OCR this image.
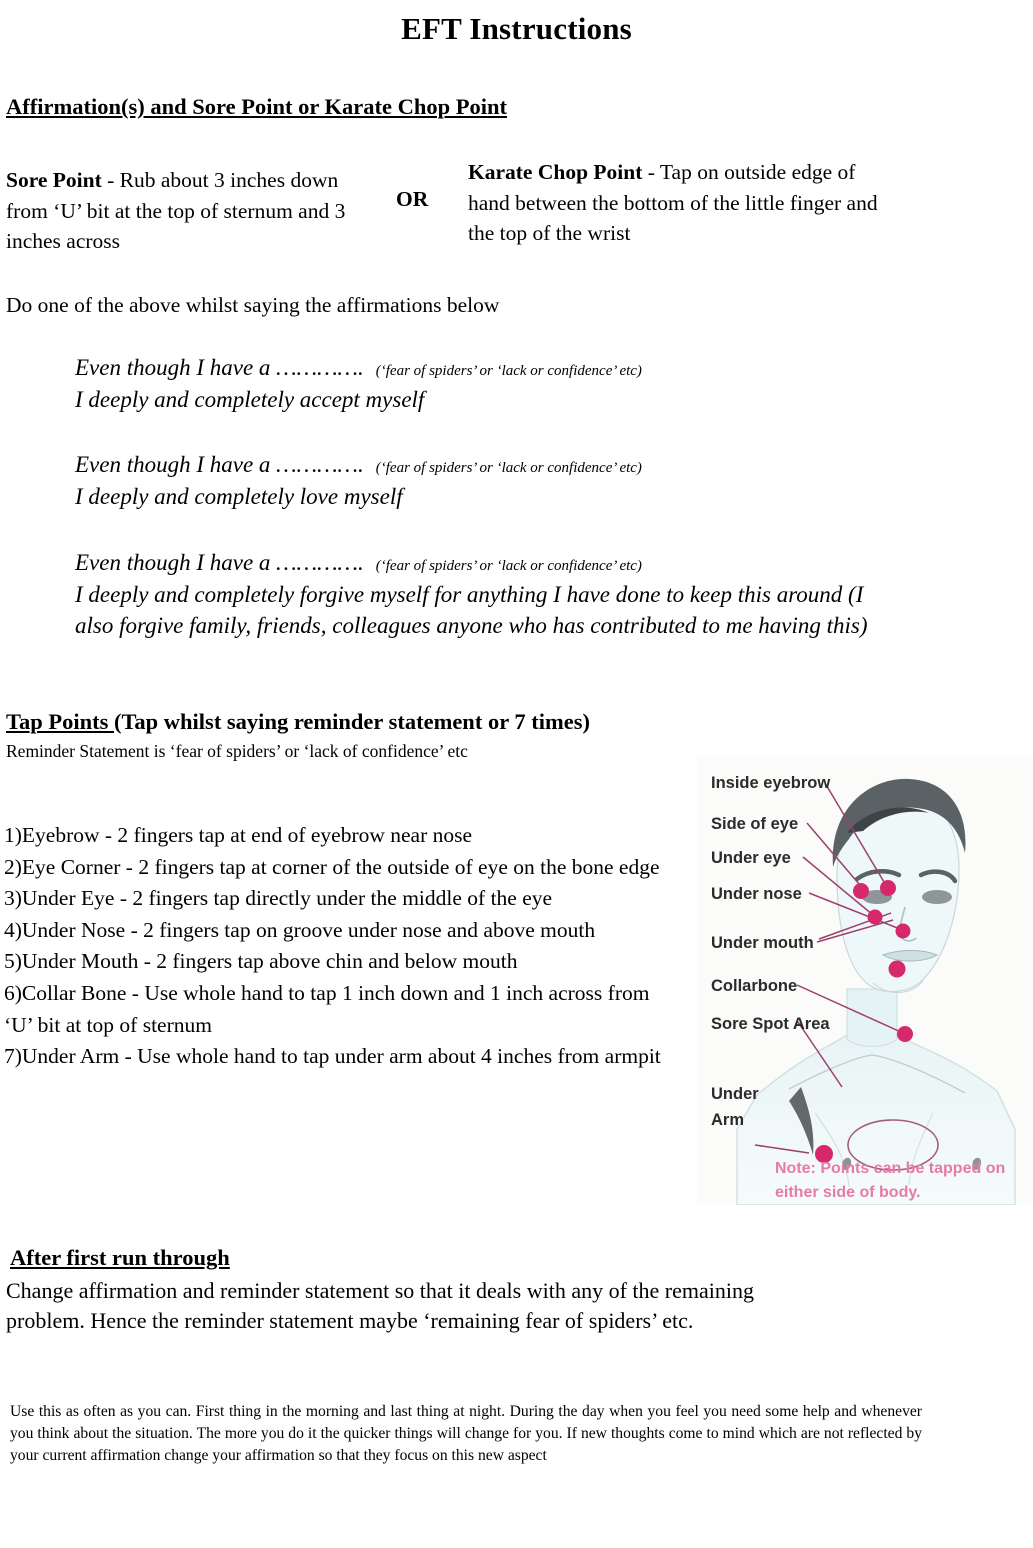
EFT Instructions
Affirmation(s) and Sore Point or Karate Chop Point
Sore Point - Rub about 3 inches down from ‘U’ bit at the top of sternum and 3 inches across
OR
Karate Chop Point - Tap on outside edge of hand between the bottom of the little finger and the top of the wrist
Do one of the above whilst saying the affirmations below
Even though I have a …………. (‘fear of spiders’ or ‘lack or confidence’ etc)
I deeply and completely accept myself
Even though I have a …………. (‘fear of spiders’ or ‘lack or confidence’ etc)
I deeply and completely love myself
Even though I have a …………. (‘fear of spiders’ or ‘lack or confidence’ etc)
I deeply and completely forgive myself for anything I have done to keep this around (I also forgive family, friends, colleagues anyone who has contributed to me having this)
Tap Points (Tap whilst saying reminder statement or 7 times)
Reminder Statement is ‘fear of spiders’ or ‘lack of confidence’ etc

1)Eyebrow - 2 fingers tap at end of eyebrow near nose

2)Eye Corner - 2 fingers tap at corner of the outside of eye on the bone edge

3)Under Eye - 2 fingers tap directly under the middle of the eye

4)Under Nose - 2 fingers tap on groove under nose and above mouth

5)Under Mouth - 2 fingers tap above chin and below mouth

6)Collar Bone - Use whole hand to tap 1 inch down and 1 inch across from ‘U’ bit at top of sternum

7)Under Arm - Use whole hand to tap under arm about 4 inches from armpit

Inside eyebrow
Side of eye
Under eye
Under nose
Under mouth
Collarbone
Sore Spot Area
Under
Arm
Note: Points can be tapped on
either side of body.
After first run through
Change affirmation and reminder statement so that it deals with any of the remaining problem. Hence the reminder statement maybe ‘remaining fear of spiders’ etc.
Use this as often as you can. First thing in the morning and last thing at night. During the day when you feel you need some help and whenever you think about the situation. The more you do it the quicker things will change for you. If new thoughts come to mind which are not reflected by your current affirmation change your affirmation so that they focus on this new aspect
